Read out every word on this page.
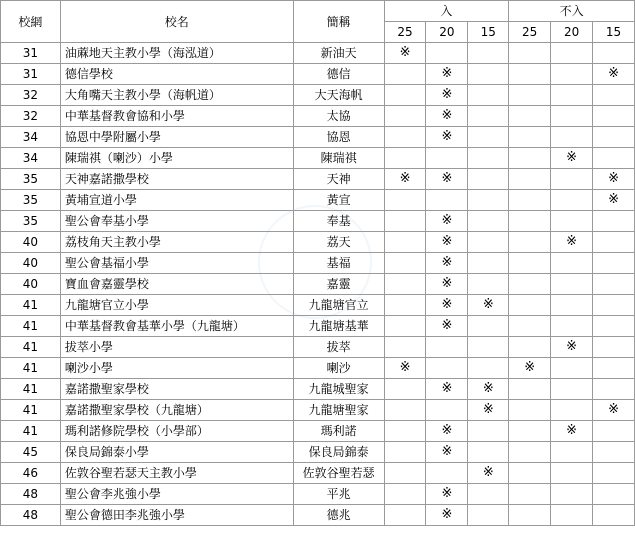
校網	校名	簡稱	入			不入		
			25	20	15	25	20	15
31	油蔴地天主教小學（海泓道）	新油天	※					
31	德信學校	德信		※				※
32	大角嘴天主教小學（海帆道）	大天海帆		※				
32	中華基督教會協和小學	太協		※				
34	協恩中學附屬小學	協恩		※				
34	陳瑞祺（喇沙）小學	陳瑞祺					※	
35	天神嘉諾撒學校	天神	※	※				※
35	黃埔宣道小學	黃宣						※
35	聖公會奉基小學	奉基		※				
40	荔枝角天主教小學	荔天		※			※	
40	聖公會基福小學	基福		※				
40	寶血會嘉靈學校	嘉靈		※				
41	九龍塘官立小學	九龍塘官立		※	※			
41	中華基督教會基華小學（九龍塘）	九龍塘基華		※				
41	拔萃小學	拔萃					※	
41	喇沙小學	喇沙	※			※		
41	嘉諾撒聖家學校	九龍城聖家		※	※			
41	嘉諾撒聖家學校（九龍塘）	九龍塘聖家			※			※
41	瑪利諾修院學校（小學部）	瑪利諾		※			※	
45	保良局錦泰小學	保良局錦泰		※				
46	佐敦谷聖若瑟天主教小學	佐敦谷聖若瑟			※			
48	聖公會李兆強小學	平兆		※				
48	聖公會德田李兆強小學	德兆		※				
